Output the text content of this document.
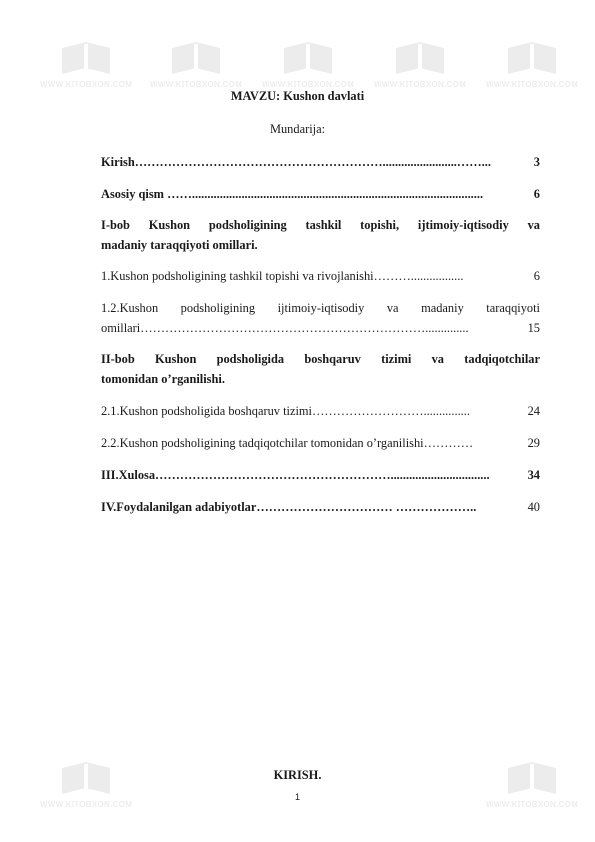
WWW.KITOBXON.COM WWW.KITOBXON.COM WWW.KITOBXON.COM WWW.KITOBXON.COM WWW.KITOBXON.COM
WWW.KITOBXON.COM	WWW.KITOBXON.COM
MAVZU: Kushon davlati
Mundarija:
Kirish……………………………………………………........................……...	3
Asosiy qism ……..............................................................................................	6
I-bob Kushon podsholigining tashkil topishi, ijtimoiy-iqtisodiy va
madaniy taraqqiyoti omillari.
1.Kushon podsholigining tashkil topishi va rivojlanishi……….................	6
1.2.Kushon podsholigining ijtimoiy-iqtisodiy va madaniy taraqqiyoti
omillari……………………………………………………………..............	15
II-bob Kushon podsholigida boshqaruv tizimi va tadqiqotchilar
tomonidan o’rganilishi.
2.1.Kushon podsholigida boshqaruv tizimi………………………...............	24
2.2.Kushon podsholigining tadqiqotchilar tomonidan o’rganilishi…………	29
III.Xulosa…………………………………………………................................	34
IV.Foydalanilgan adabiyotlar…………………………… ………………..	40
KIRISH.
1
